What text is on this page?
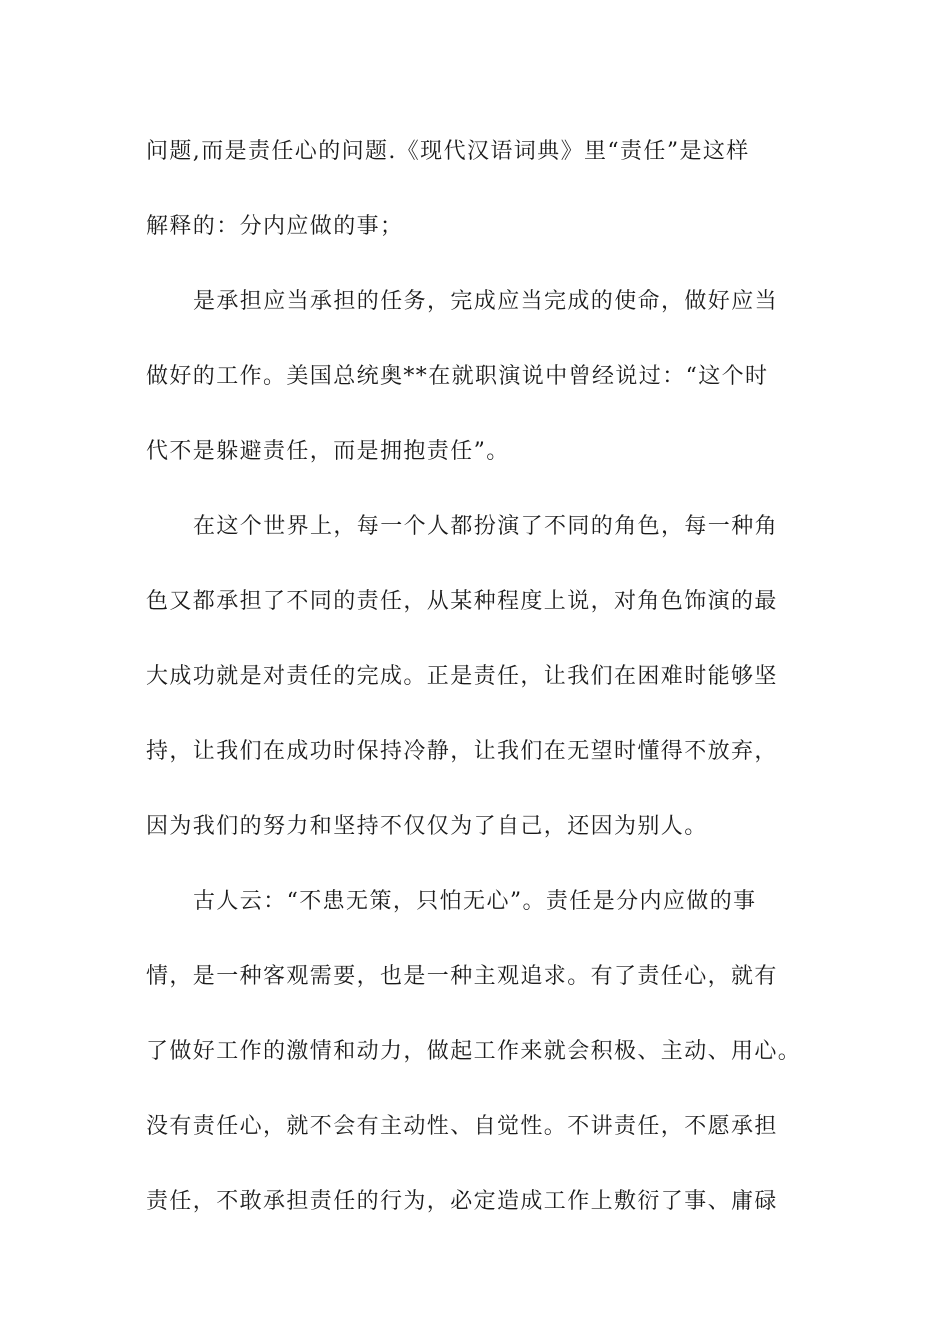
问题,而是责任心的问题.《现代汉语词典》里“责任”是这样
解释的：分内应做的事；
是承担应当承担的任务，完成应当完成的使命，做好应当
做好的工作。美国总统奥**在就职演说中曾经说过：“这个时
代不是躲避责任，而是拥抱责任”。
在这个世界上，每一个人都扮演了不同的角色，每一种角
色又都承担了不同的责任，从某种程度上说，对角色饰演的最
大成功就是对责任的完成。正是责任，让我们在困难时能够坚
持，让我们在成功时保持冷静，让我们在无望时懂得不放弃，
因为我们的努力和坚持不仅仅为了自己，还因为别人。
古人云：“不患无策，只怕无心”。责任是分内应做的事
情，是一种客观需要，也是一种主观追求。有了责任心，就有
了做好工作的激情和动力，做起工作来就会积极、主动、用心。
没有责任心，就不会有主动性、自觉性。不讲责任，不愿承担
责任，不敢承担责任的行为，必定造成工作上敷衍了事、庸碌
